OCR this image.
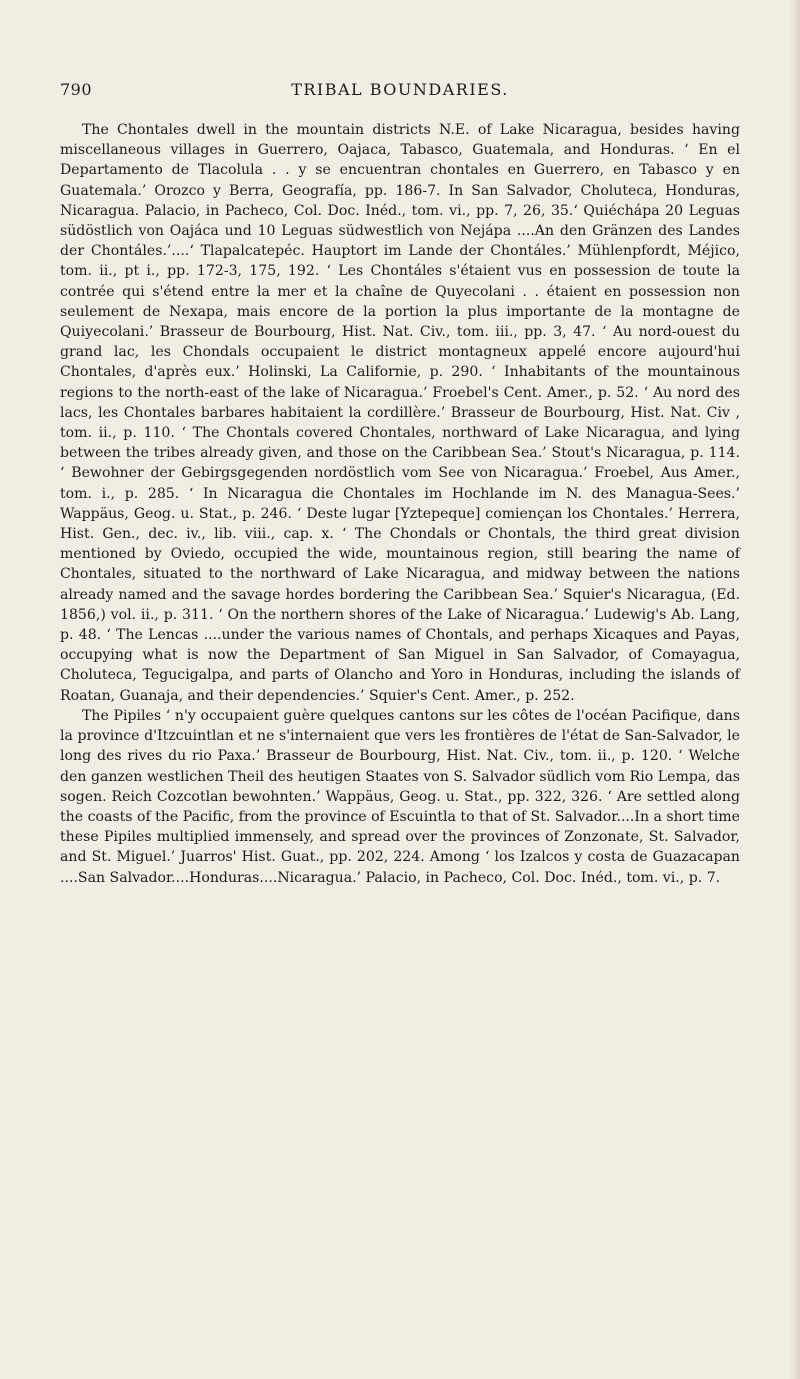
790	TRIBAL BOUNDARIES.

The Chontales dwell in the mountain districts N.E. of Lake Nicaragua, besides having miscellaneous villages in Guerrero, Oajaca, Tabasco, Guatemala, and Honduras. ‘ En el Departamento de Tlacolula . . y se encuentran chontales en Guerrero, en Tabasco y en Guatemala.’ Orozco y Berra, Geografía, pp. 186-7. In San Salvador, Choluteca, Honduras, Nicaragua. Palacio, in Pacheco, Col. Doc. Inéd., tom. vi., pp. 7, 26, 35.‘ Quiéchápa 20 Leguas südöstlich von Oajáca und 10 Leguas südwestlich von Nejápa ....An den Gränzen des Landes der Chontáles.’....‘ Tlapalcatepéc. Hauptort im Lande der Chontáles.’ Mühlenpfordt, Méjico, tom. ii., pt i., pp. 172-3, 175, 192. ‘ Les Chontáles s'étaient vus en possession de toute la contrée qui s'étend entre la mer et la chaîne de Quyecolani . . étaient en possession non seulement de Nexapa, mais encore de la portion la plus importante de la montagne de Quiyecolani.’ Brasseur de Bourbourg, Hist. Nat. Civ., tom. iii., pp. 3, 47. ‘ Au nord-ouest du grand lac, les Chondals occupaient le district montagneux appelé encore aujourd'hui Chontales, d'après eux.’ Holinski, La Californie, p. 290. ‘ Inhabitants of the mountainous regions to the north-east of the lake of Nicaragua.’ Froebel's Cent. Amer., p. 52. ‘ Au nord des lacs, les Chontales barbares habitaient la cordillère.’ Brasseur de Bourbourg, Hist. Nat. Civ , tom. ii., p. 110. ‘ The Chontals covered Chontales, northward of Lake Nicaragua, and lying between the tribes already given, and those on the Caribbean Sea.’ Stout's Nicaragua, p. 114. ‘ Bewohner der Gebirgsgegenden nordöstlich vom See von Nicaragua.’ Froebel, Aus Amer., tom. i., p. 285. ‘ In Nicaragua die Chontales im Hochlande im N. des Managua-Sees.’ Wappäus, Geog. u. Stat., p. 246. ‘ Deste lugar [Yztepeque] comiençan los Chontales.’ Herrera, Hist. Gen., dec. iv., lib. viii., cap. x. ‘ The Chondals or Chontals, the third great division mentioned by Oviedo, occupied the wide, mountainous region, still bearing the name of Chontales, situated to the northward of Lake Nicaragua, and midway between the nations already named and the savage hordes bordering the Caribbean Sea.’ Squier's Nicaragua, (Ed. 1856,) vol. ii., p. 311. ‘ On the northern shores of the Lake of Nicaragua.’ Ludewig's Ab. Lang, p. 48. ‘ The Lencas ....under the various names of Chontals, and perhaps Xicaques and Payas, occupying what is now the Department of San Miguel in San Salvador, of Comayagua, Choluteca, Tegucigalpa, and parts of Olancho and Yoro in Honduras, including the islands of Roatan, Guanaja, and their dependencies.’ Squier's Cent. Amer., p. 252.

The Pipiles ‘ n'y occupaient guère quelques cantons sur les côtes de l'océan Pacifique, dans la province d'Itzcuintlan et ne s'internaient que vers les frontières de l'état de San-Salvador, le long des rives du rio Paxa.’ Brasseur de Bourbourg, Hist. Nat. Civ., tom. ii., p. 120. ‘ Welche den ganzen westlichen Theil des heutigen Staates von S. Salvador südlich vom Rio Lempa, das sogen. Reich Cozcotlan bewohnten.’ Wappäus, Geog. u. Stat., pp. 322, 326. ‘ Are settled along the coasts of the Pacific, from the province of Escuintla to that of St. Salvador....In a short time these Pipiles multiplied immensely, and spread over the provinces of Zonzonate, St. Salvador, and St. Miguel.’ Juarros' Hist. Guat., pp. 202, 224. Among ‘ los Izalcos y costa de Guazacapan ....San Salvador....Honduras....Nicaragua.’ Palacio, in Pacheco, Col. Doc. Inéd., tom. vi., p. 7.
